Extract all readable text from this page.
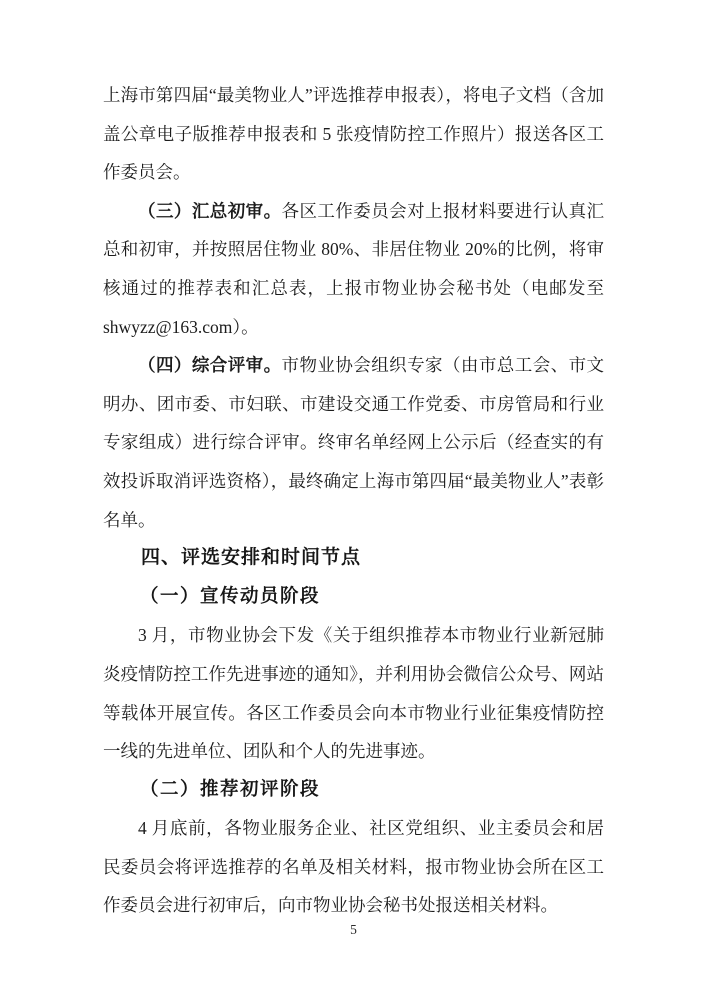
上海市第四届“最美物业人”评选推荐申报表），将电子文档（含加盖公章电子版推荐申报表和 5 张疫情防控工作照片）报送各区工作委员会。

（三）汇总初审。各区工作委员会对上报材料要进行认真汇总和初审，并按照居住物业 80%、非居住物业 20%的比例，将审核通过的推荐表和汇总表，上报市物业协会秘书处（电邮发至shwyzz@163.com）。

（四）综合评审。市物业协会组织专家（由市总工会、市文明办、团市委、市妇联、市建设交通工作党委、市房管局和行业专家组成）进行综合评审。终审名单经网上公示后（经查实的有效投诉取消评选资格），最终确定上海市第四届“最美物业人”表彰名单。

四、评选安排和时间节点

（一）宣传动员阶段

3 月，市物业协会下发《关于组织推荐本市物业行业新冠肺炎疫情防控工作先进事迹的通知》，并利用协会微信公众号、网站等载体开展宣传。各区工作委员会向本市物业行业征集疫情防控一线的先进单位、团队和个人的先进事迹。

（二）推荐初评阶段

4 月底前，各物业服务企业、社区党组织、业主委员会和居民委员会将评选推荐的名单及相关材料，报市物业协会所在区工作委员会进行初审后，向市物业协会秘书处报送相关材料。

5
